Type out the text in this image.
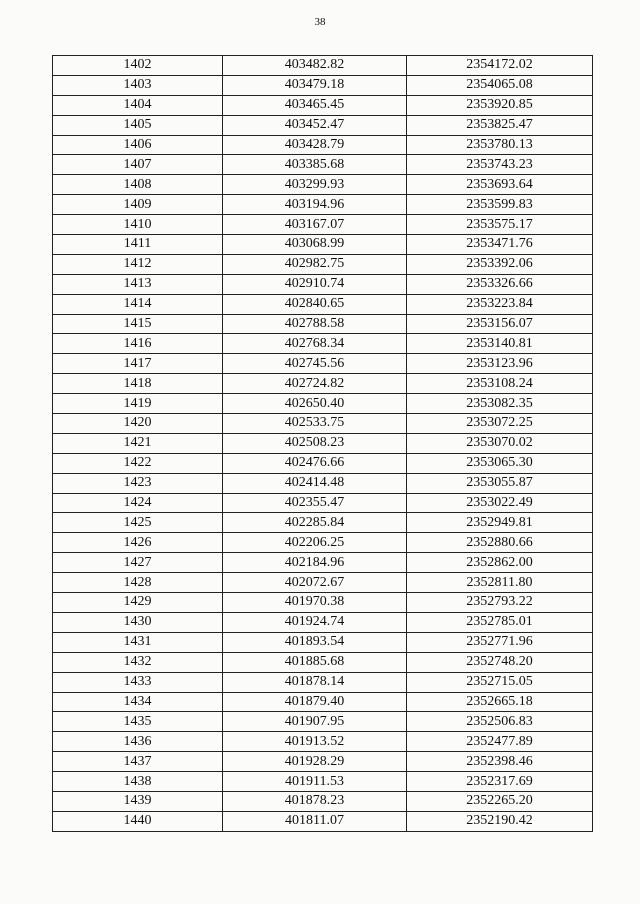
38
1402	403482.82	2354172.02
1403	403479.18	2354065.08
1404	403465.45	2353920.85
1405	403452.47	2353825.47
1406	403428.79	2353780.13
1407	403385.68	2353743.23
1408	403299.93	2353693.64
1409	403194.96	2353599.83
1410	403167.07	2353575.17
1411	403068.99	2353471.76
1412	402982.75	2353392.06
1413	402910.74	2353326.66
1414	402840.65	2353223.84
1415	402788.58	2353156.07
1416	402768.34	2353140.81
1417	402745.56	2353123.96
1418	402724.82	2353108.24
1419	402650.40	2353082.35
1420	402533.75	2353072.25
1421	402508.23	2353070.02
1422	402476.66	2353065.30
1423	402414.48	2353055.87
1424	402355.47	2353022.49
1425	402285.84	2352949.81
1426	402206.25	2352880.66
1427	402184.96	2352862.00
1428	402072.67	2352811.80
1429	401970.38	2352793.22
1430	401924.74	2352785.01
1431	401893.54	2352771.96
1432	401885.68	2352748.20
1433	401878.14	2352715.05
1434	401879.40	2352665.18
1435	401907.95	2352506.83
1436	401913.52	2352477.89
1437	401928.29	2352398.46
1438	401911.53	2352317.69
1439	401878.23	2352265.20
1440	401811.07	2352190.42
